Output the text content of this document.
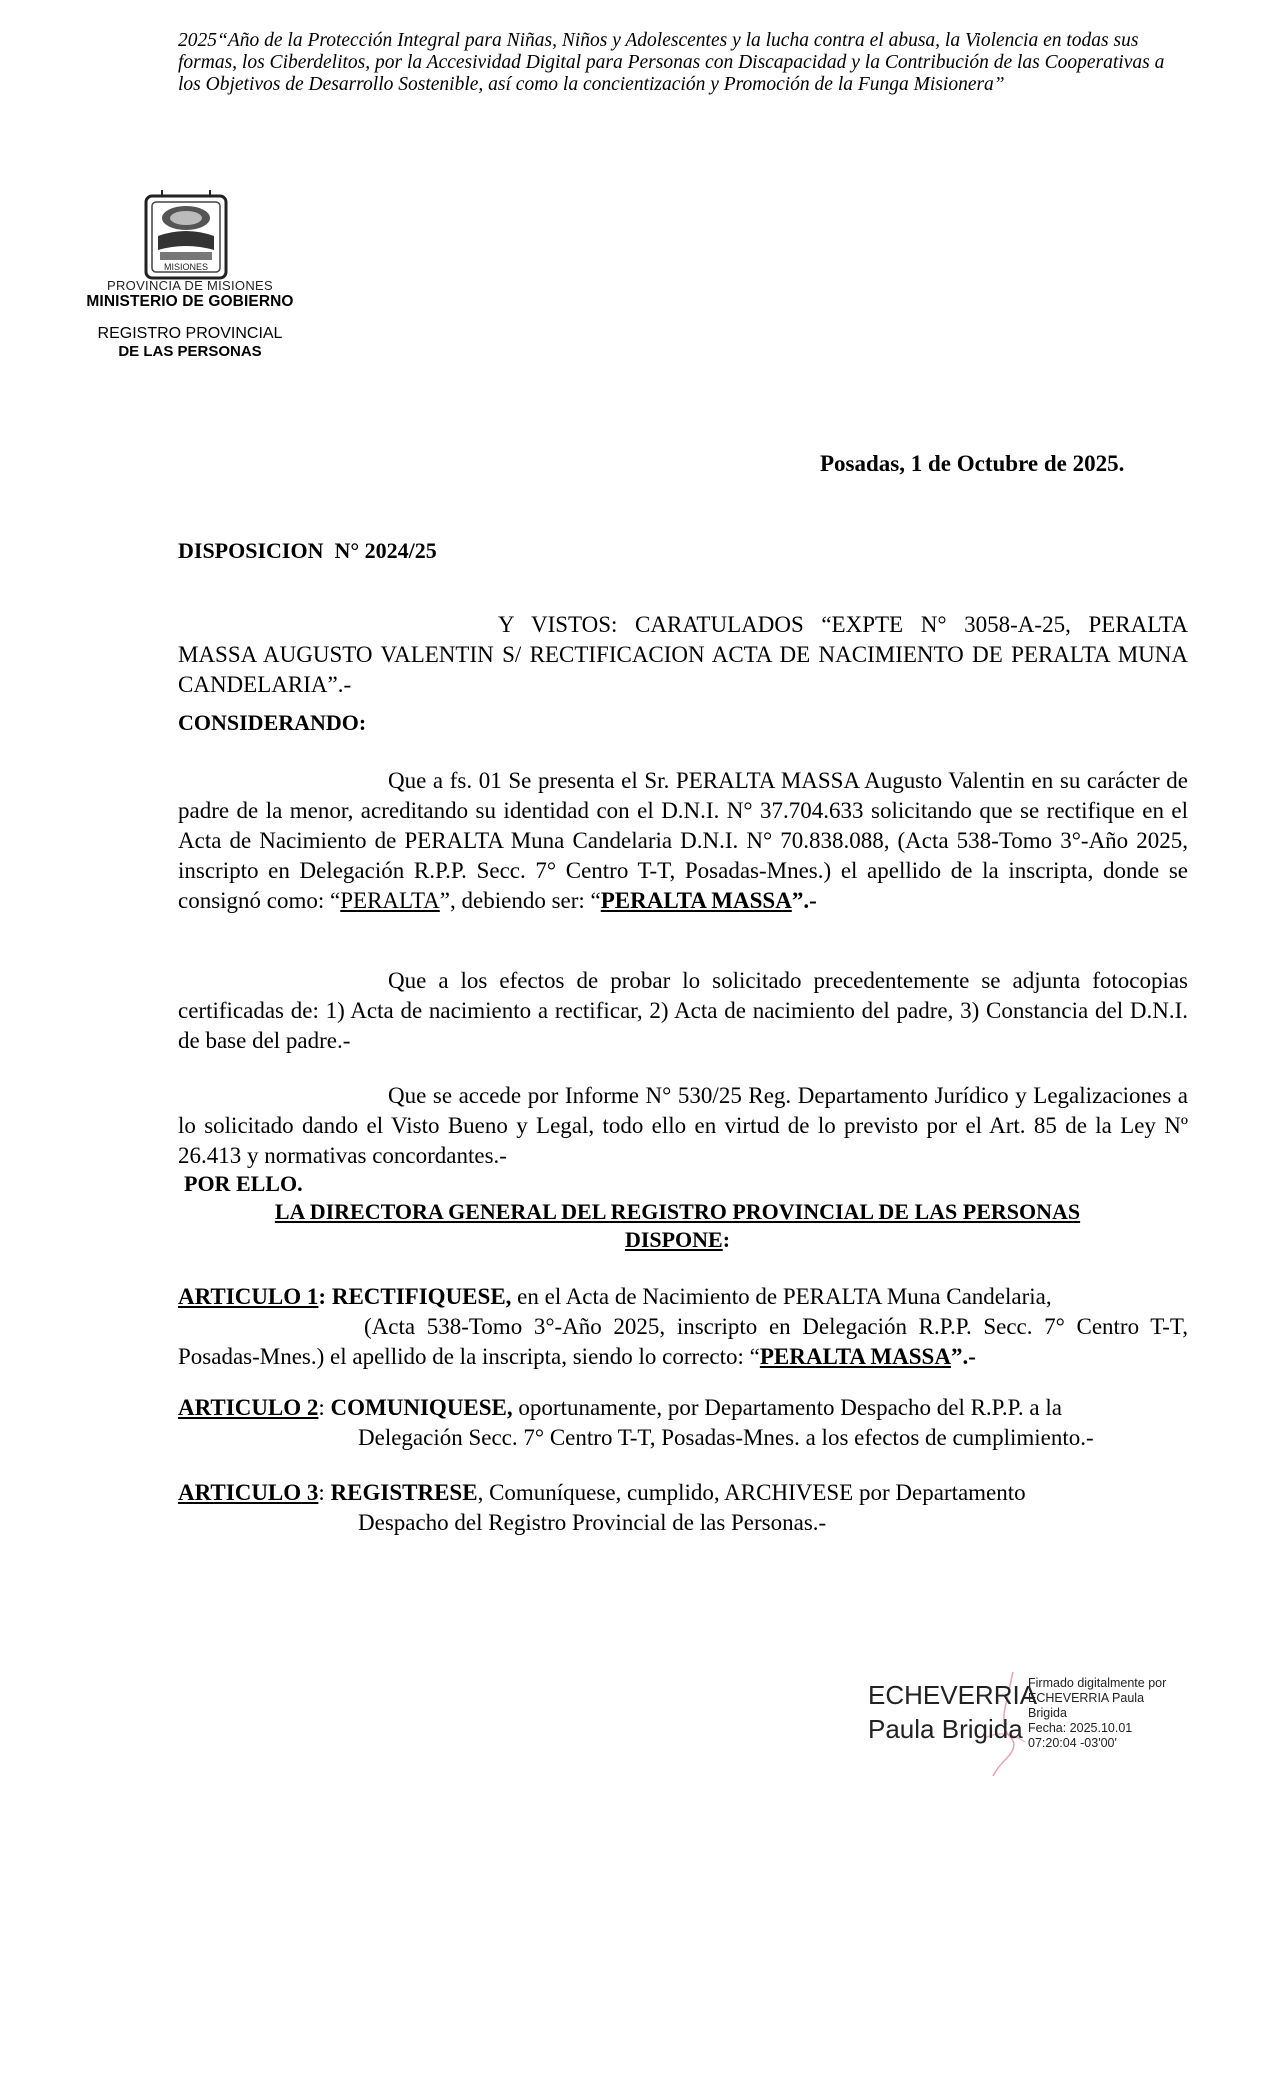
2025“Año de la Protección Integral para Niñas, Niños y Adolescentes y la lucha contra el abusa, la Violencia en todas sus formas, los Ciberdelitos, por la Accesividad Digital para Personas con Discapacidad y la Contribución de las Cooperativas a los Objetivos de Desarrollo Sostenible, así como la concientización y Promoción de la Funga Misionera”
MISIONES
PROVINCIA DE MISIONES
MINISTERIO DE GOBIERNO
REGISTRO PROVINCIAL
DE LAS PERSONAS
Posadas, 1 de Octubre de 2025.
DISPOSICION  N° 2024/25
Y VISTOS: CARATULADOS “EXPTE N° 3058-A-25, PERALTA MASSA AUGUSTO VALENTIN S/ RECTIFICACION ACTA DE NACIMIENTO DE PERALTA MUNA CANDELARIA”.-
CONSIDERANDO:
Que a fs. 01 Se presenta el Sr. PERALTA MASSA Augusto Valentin en su carácter de padre de la menor, acreditando su identidad con el D.N.I. N° 37.704.633 solicitando que se rectifique en el Acta de Nacimiento de PERALTA Muna Candelaria D.N.I. N° 70.838.088, (Acta 538-Tomo 3°-Año 2025, inscripto en Delegación R.P.P. Secc. 7° Centro T-T, Posadas-Mnes.) el apellido de la inscripta, donde se consignó como: “PERALTA”, debiendo ser: “PERALTA MASSA”.-
Que a los efectos de probar lo solicitado precedentemente se adjunta fotocopias certificadas de: 1) Acta de nacimiento a rectificar, 2) Acta de nacimiento del padre, 3) Constancia del D.N.I. de base del padre.-
Que se accede por Informe N° 530/25 Reg. Departamento Jurídico y Legalizaciones a lo solicitado dando el Visto Bueno y Legal, todo ello en virtud de lo previsto por el Art. 85 de la Ley Nº 26.413 y normativas concordantes.-
POR ELLO.
LA DIRECTORA GENERAL DEL REGISTRO PROVINCIAL DE LAS PERSONAS
DISPONE:
ARTICULO 1: RECTIFIQUESE, en el Acta de Nacimiento de PERALTA Muna Candelaria,
(Acta 538-Tomo 3°-Año 2025, inscripto en Delegación R.P.P. Secc. 7° Centro T-T, Posadas-Mnes.) el apellido de la inscripta, siendo lo correcto: “PERALTA MASSA”.-
ARTICULO 2: COMUNIQUESE, oportunamente, por Departamento Despacho del R.P.P. a la
Delegación Secc. 7° Centro T-T, Posadas-Mnes. a los efectos de cumplimiento.-
ARTICULO 3: REGISTRESE, Comuníquese, cumplido, ARCHIVESE por Departamento
Despacho del Registro Provincial de las Personas.-
ECHEVERRIA
Paula Brigida
Firmado digitalmente por
ECHEVERRIA Paula
Brigida
Fecha: 2025.10.01
07:20:04 -03'00'
